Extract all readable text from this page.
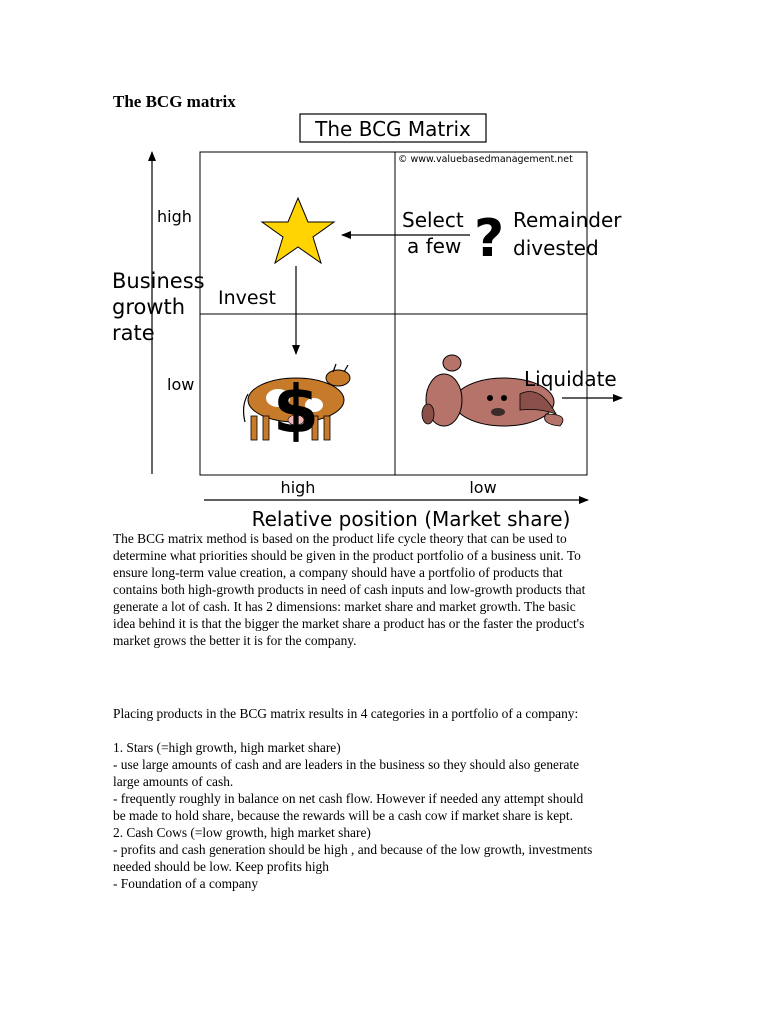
The BCG matrix
The BCG Matrix
© www.valuebasedmanagement.net
high
low
Business
growth
rate
high	low
Relative position (Market share)
Invest
Select
a few ? Remainder
divested
$	Liquidate

The BCG matrix method is based on the product life cycle theory that can be used to

determine what priorities should be given in the product portfolio of a business unit. To

ensure long-term value creation, a company should have a portfolio of products that

contains both high-growth products in need of cash inputs and low-growth products that

generate a lot of cash. It has 2 dimensions: market share and market growth. The basic

idea behind it is that the bigger the market share a product has or the faster the product's

market grows the better it is for the company.

Placing products in the BCG matrix results in 4 categories in a portfolio of a company:

1. Stars (=high growth, high market share)

- use large amounts of cash and are leaders in the business so they should also generate

large amounts of cash.

- frequently roughly in balance on net cash flow. However if needed any attempt should

be made to hold share, because the rewards will be a cash cow if market share is kept.

2. Cash Cows (=low growth, high market share)

- profits and cash generation should be high , and because of the low growth, investments

needed should be low. Keep profits high

- Foundation of a company
